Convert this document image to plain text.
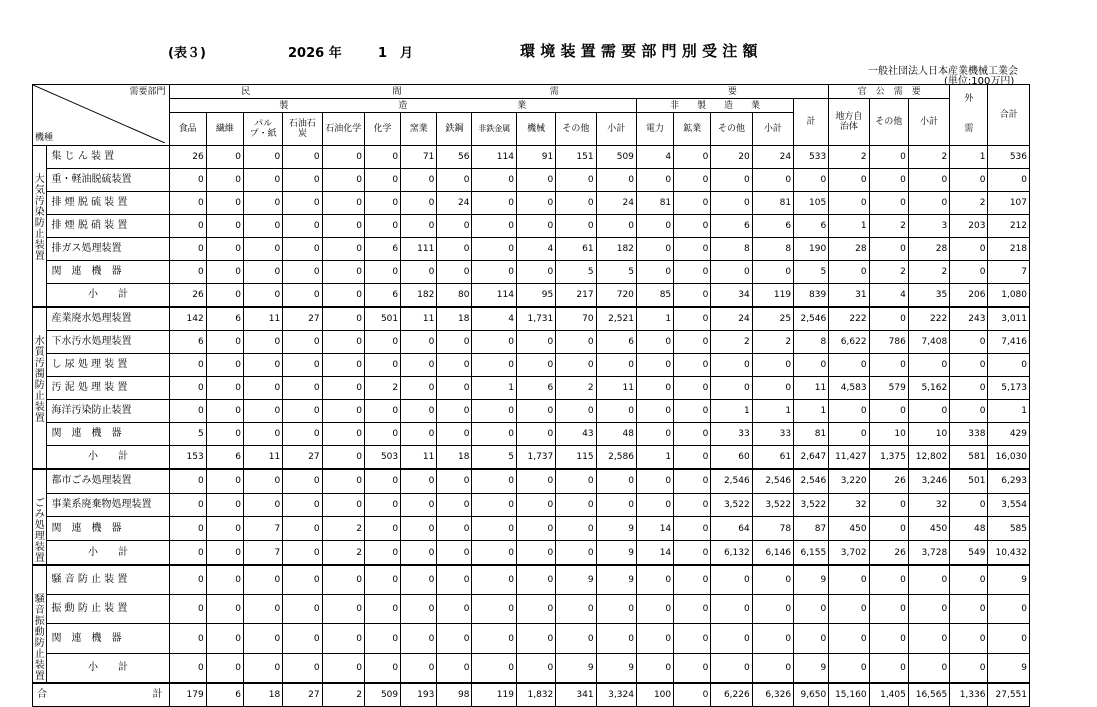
(表３)	2026 年	1　月	環 境 装 置 需 要 部 門 別 受 注 額
一般社団法人日本産業機械工業会
(単位:100万円)
需要部門
機種		民				間				需				要					官　 公　 需　 要			外	合計
		製 造 業												非　　 製　　 造　　 業				計	地方自治体	その他	小計		
		食品	繊維	パルプ・紙	石油石炭	石油化学	化学	窯業	鉄鋼	非鉄金属	機械	その他	小計	電力	鉱業	その他	小計					需	
大気汚染防止装置	集 じ ん 装 置	26	0	0	0	0	0	71	56	114	91	151	509	4	0	20	24	533	2	0	2	1	536
	重・軽油脱硫装置	0	0	0	0	0	0	0	0	0	0	0	0	0	0	0	0	0	0	0	0	0	0
	排 煙 脱 硫 装 置	0	0	0	0	0	0	0	24	0	0	0	24	81	0	0	81	105	0	0	0	2	107
	排 煙 脱 硝 装 置	0	0	0	0	0	0	0	0	0	0	0	0	0	0	6	6	6	1	2	3	203	212
	排ガス処理装置	0	0	0	0	0	6	111	0	0	4	61	182	0	0	8	8	190	28	0	28	0	218
	関　連　機　器	0	0	0	0	0	0	0	0	0	0	5	5	0	0	0	0	5	0	2	2	0	7
	小　　計	26	0	0	0	0	6	182	80	114	95	217	720	85	0	34	119	839	31	4	35	206	1,080
水質汚濁防止装置	産業廃水処理装置	142	6	11	27	0	501	11	18	4	1,731	70	2,521	1	0	24	25	2,546	222	0	222	243	3,011
	下水汚水処理装置	6	0	0	0	0	0	0	0	0	0	0	6	0	0	2	2	8	6,622	786	7,408	0	7,416
	し 尿 処 理 装 置	0	0	0	0	0	0	0	0	0	0	0	0	0	0	0	0	0	0	0	0	0	0
	汚 泥 処 理 装 置	0	0	0	0	0	2	0	0	1	6	2	11	0	0	0	0	11	4,583	579	5,162	0	5,173
	海洋汚染防止装置	0	0	0	0	0	0	0	0	0	0	0	0	0	0	1	1	1	0	0	0	0	1
	関　連　機　器	5	0	0	0	0	0	0	0	0	0	43	48	0	0	33	33	81	0	10	10	338	429
	小　　計	153	6	11	27	0	503	11	18	5	1,737	115	2,586	1	0	60	61	2,647	11,427	1,375	12,802	581	16,030
ごみ処理装置	都市ごみ処理装置	0	0	0	0	0	0	0	0	0	0	0	0	0	0	2,546	2,546	2,546	3,220	26	3,246	501	6,293
	事業系廃棄物処理装置	0	0	0	0	0	0	0	0	0	0	0	0	0	0	3,522	3,522	3,522	32	0	32	0	3,554
	関　連　機　器	0	0	7	0	2	0	0	0	0	0	0	9	14	0	64	78	87	450	0	450	48	585
	小　　計	0	0	7	0	2	0	0	0	0	0	0	9	14	0	6,132	6,146	6,155	3,702	26	3,728	549	10,432
騒音振動防止装置	騒 音 防 止 装 置	0	0	0	0	0	0	0	0	0	0	9	9	0	0	0	0	9	0	0	0	0	9
	振 動 防 止 装 置	0	0	0	0	0	0	0	0	0	0	0	0	0	0	0	0	0	0	0	0	0	0
	関　連　機　器	0	0	0	0	0	0	0	0	0	0	0	0	0	0	0	0	0	0	0	0	0	0
	小　　計	0	0	0	0	0	0	0	0	0	0	9	9	0	0	0	0	9	0	0	0	0	9
合 計		179	6	18	27	2	509	193	98	119	1,832	341	3,324	100	0	6,226	6,326	9,650	15,160	1,405	16,565	1,336	27,551
